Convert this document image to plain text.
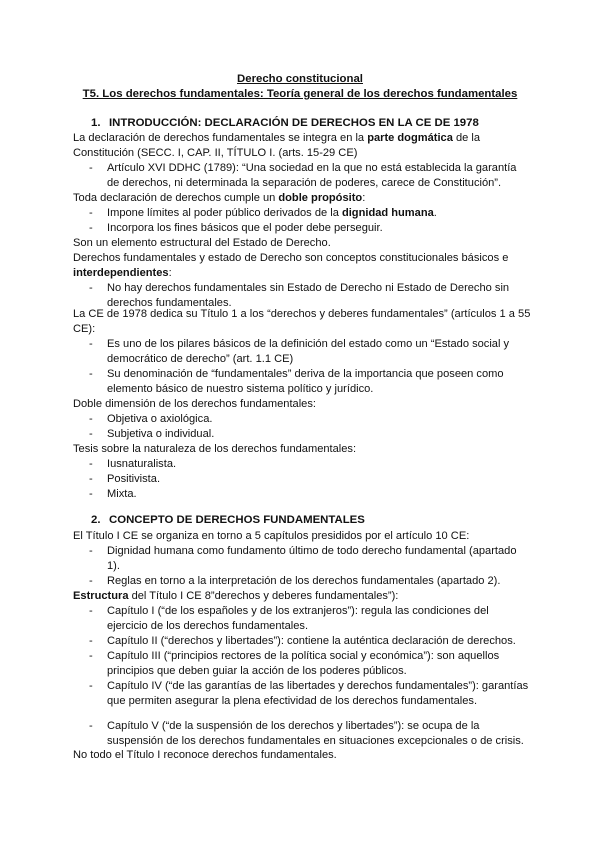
Derecho constitucional
T5. Los derechos fundamentales: Teoría general de los derechos fundamentales
1. INTRODUCCIÓN: DECLARACIÓN DE DERECHOS EN LA CE DE 1978
La declaración de derechos fundamentales se integra en la parte dogmática de la Constitución (SECC. I, CAP. II, TÍTULO I. (arts. 15-29 CE)
- Artículo XVI DDHC (1789): “Una sociedad en la que no está establecida la garantía de derechos, ni determinada la separación de poderes, carece de Constitución”.
Toda declaración de derechos cumple un doble propósito:
- Impone límites al poder público derivados de la dignidad humana.
- Incorpora los fines básicos que el poder debe perseguir.
Son un elemento estructural del Estado de Derecho.
Derechos fundamentales y estado de Derecho son conceptos constitucionales básicos e interdependientes:
- No hay derechos fundamentales sin Estado de Derecho ni Estado de Derecho sin derechos fundamentales.
La CE de 1978 dedica su Título 1 a los “derechos y deberes fundamentales” (artículos 1 a 55 CE):
- Es uno de los pilares básicos de la definición del estado como un “Estado social y democrático de derecho” (art. 1.1 CE)
- Su denominación de “fundamentales” deriva de la importancia que poseen como elemento básico de nuestro sistema político y jurídico.
Doble dimensión de los derechos fundamentales:
- Objetiva o axiológica.
- Subjetiva o individual.
Tesis sobre la naturaleza de los derechos fundamentales:
- Iusnaturalista.
- Positivista.
- Mixta.
2. CONCEPTO DE DERECHOS FUNDAMENTALES
El Título I CE se organiza en torno a 5 capítulos presididos por el artículo 10 CE:
- Dignidad humana como fundamento último de todo derecho fundamental (apartado 1).
- Reglas en torno a la interpretación de los derechos fundamentales (apartado 2).
Estructura del Título I CE 8”derechos y deberes fundamentales”):
- Capítulo I (“de los españoles y de los extranjeros”): regula las condiciones del ejercicio de los derechos fundamentales.
- Capítulo II (“derechos y libertades”): contiene la auténtica declaración de derechos.
- Capítulo III (“principios rectores de la política social y económica”): son aquellos principios que deben guiar la acción de los poderes públicos.
- Capítulo IV (“de las garantías de las libertades y derechos fundamentales”): garantías que permiten asegurar la plena efectividad de los derechos fundamentales.
- Capítulo V (“de la suspensión de los derechos y libertades”): se ocupa de la suspensión de los derechos fundamentales en situaciones excepcionales o de crisis.
No todo el Título I reconoce derechos fundamentales.
